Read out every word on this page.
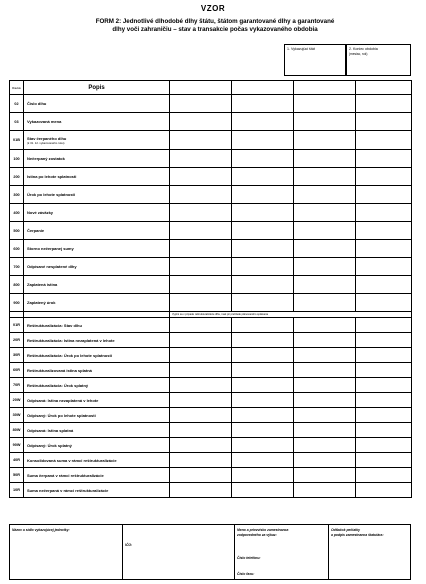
VZOR
FORM 2: Jednotlivé dlhodobé dlhy štátu, štátom garantované dlhy a garantované
dlhy voči zahraničiu – stav a transakcie počas vykazovaného obdobia
1. Vykazujúci štát	2. Koniec obdobia
(mesiac, rok)
Riadok	Popis				
02	Číslo dlhu				
03	Vykazovaná mena				
01B	Stav čerpaného dlhu
(k 31. 12. vykazovaného roku)				

100	Nečerpaný zostatok				
200	Istina po lehote splatnosti				
300	Úrok po lehote splatnosti				
400	Nové záväzky				
500	Čerpanie				
600	Storno nečerpanej sumy				
700	Odpísané nesplatené dlhy				
800	Zaplatená istina				
900	Zaplatený úrok				
		Vyplní sa v prípade reštrukturalizácie dlhu, inak pri prehľade plánovaného splácania			
01R	Reštrukturalizácia: Stav dlhu				
20R	Reštrukturalizácia: Istina nezaplatená v lehote				
30R	Reštrukturalizácia: Úrok po lehote splatnosti				
60R	Reštrukturalizovaná istina splatná				
70R	Reštrukturalizácia: Úrok splatný				
20W	Odpisaná: Istina nezaplatená v lehote				
30W	Odpisaný: Úrok po lehote splatnosti				
80W	Odpísaná: Istina splatná				
90W	Odpísaný: Úrok splatný				
40R	Konsolidovaná suma v rámci reštrukturalizácie				
50R	Suma čerpaná v rámci reštrukturalizácie				
10R	Suma nečerpaná v rámci reštrukturalizácie				
Názov a sídlo vykazujúcej jednotky:
IČO:
Meno a priezvisko zamestnanca
zodpovedného za výkaz:
Číslo telefónu:
Číslo faxu:
Odtlačok pečiatky
a podpis zamestnanca štatutára:
